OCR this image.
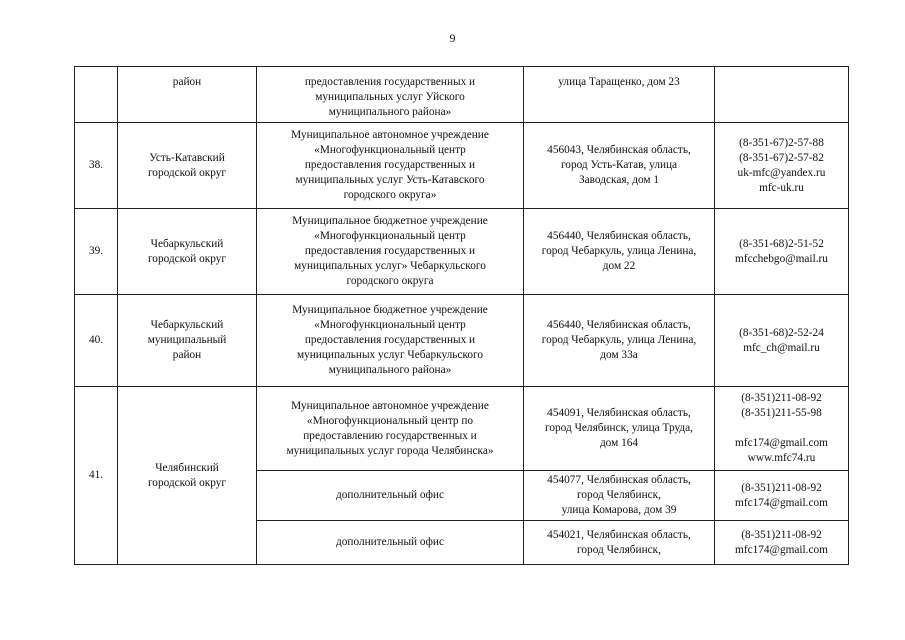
9

	район	предоставления государственных и
муниципальных услуг Уйского
муниципального района»	улица Таращенко, дом 23	

38.	Усть-Катавский
городской округ	Муниципальное автономное учреждение
«Многофункциональный центр
предоставления государственных и
муниципальных услуг Усть-Катавского
городского округа»	456043, Челябинская область,
город Усть-Катав, улица
Заводская, дом 1	(8-351-67)2-57-88
(8-351-67)2-57-82
uk-mfc@yandex.ru
mfc-uk.ru

39.	Чебаркульский
городской округ	Муниципальное бюджетное учреждение
«Многофункциональный центр
предоставления государственных и
муниципальных услуг» Чебаркульского
городского округа	456440, Челябинская область,
город Чебаркуль, улица Ленина,
дом 22	(8-351-68)2-51-52
mfcchebgo@mail.ru

40.	Чебаркульский
муниципальный
район	Муниципальное бюджетное учреждение
«Многофункциональный центр
предоставления государственных и
муниципальных услуг Чебаркульского
муниципального района»	456440, Челябинская область,
город Чебаркуль, улица Ленина,
дом 33а	(8-351-68)2-52-24
mfc_ch@mail.ru

41.	Челябинский
городской округ	Муниципальное автономное учреждение
«Многофункциональный центр по
предоставлению государственных и
муниципальных услуг города Челябинска»	454091, Челябинская область,
город Челябинск, улица Труда,
дом 164	(8-351)211-08-92
(8-351)211-55-98
mfc174@gmail.com
www.mfc74.ru

		дополнительный офис	454077, Челябинская область,
город Челябинск,
улица Комарова, дом 39	(8-351)211-08-92
mfc174@gmail.com

		дополнительный офис	454021, Челябинская область,
город Челябинск,	(8-351)211-08-92
mfc174@gmail.com
